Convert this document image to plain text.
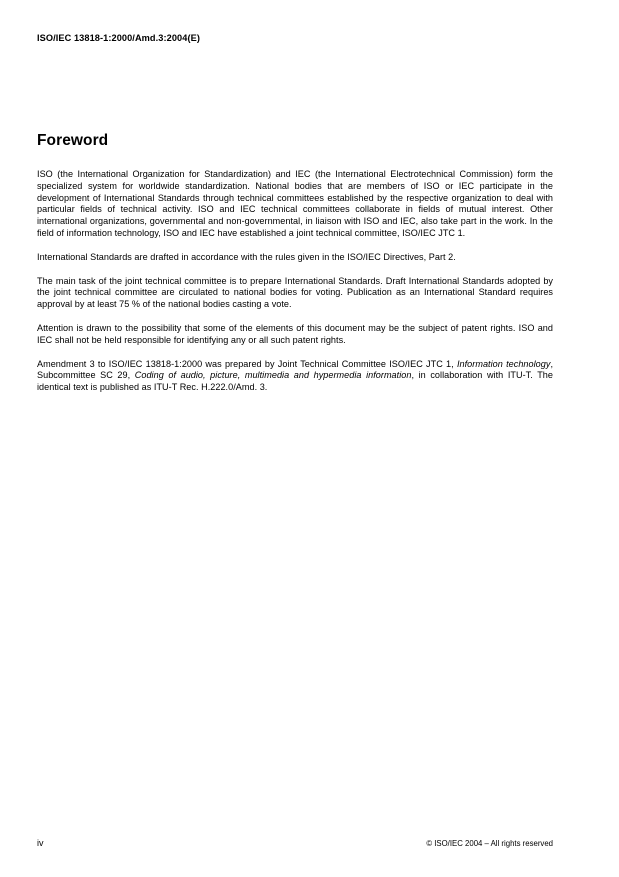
ISO/IEC 13818-1:2000/Amd.3:2004(E)
Foreword

ISO (the International Organization for Standardization) and IEC (the International Electrotechnical Commission) form the specialized system for worldwide standardization. National bodies that are members of ISO or IEC participate in the development of International Standards through technical committees established by the respective organization to deal with particular fields of technical activity. ISO and IEC technical committees collaborate in fields of mutual interest. Other international organizations, governmental and non-governmental, in liaison with ISO and IEC, also take part in the work. In the field of information technology, ISO and IEC have established a joint technical committee, ISO/IEC JTC 1.

International Standards are drafted in accordance with the rules given in the ISO/IEC Directives, Part 2.

The main task of the joint technical committee is to prepare International Standards. Draft International Standards adopted by the joint technical committee are circulated to national bodies for voting. Publication as an International Standard requires approval by at least 75 % of the national bodies casting a vote.

Attention is drawn to the possibility that some of the elements of this document may be the subject of patent rights. ISO and IEC shall not be held responsible for identifying any or all such patent rights.

Amendment 3 to ISO/IEC 13818-1:2000 was prepared by Joint Technical Committee ISO/IEC JTC 1, Information technology, Subcommittee SC 29, Coding of audio, picture, multimedia and hypermedia information, in collaboration with ITU-T. The identical text is published as ITU-T Rec. H.222.0/Amd. 3.

iv	© ISO/IEC 2004 – All rights reserved
